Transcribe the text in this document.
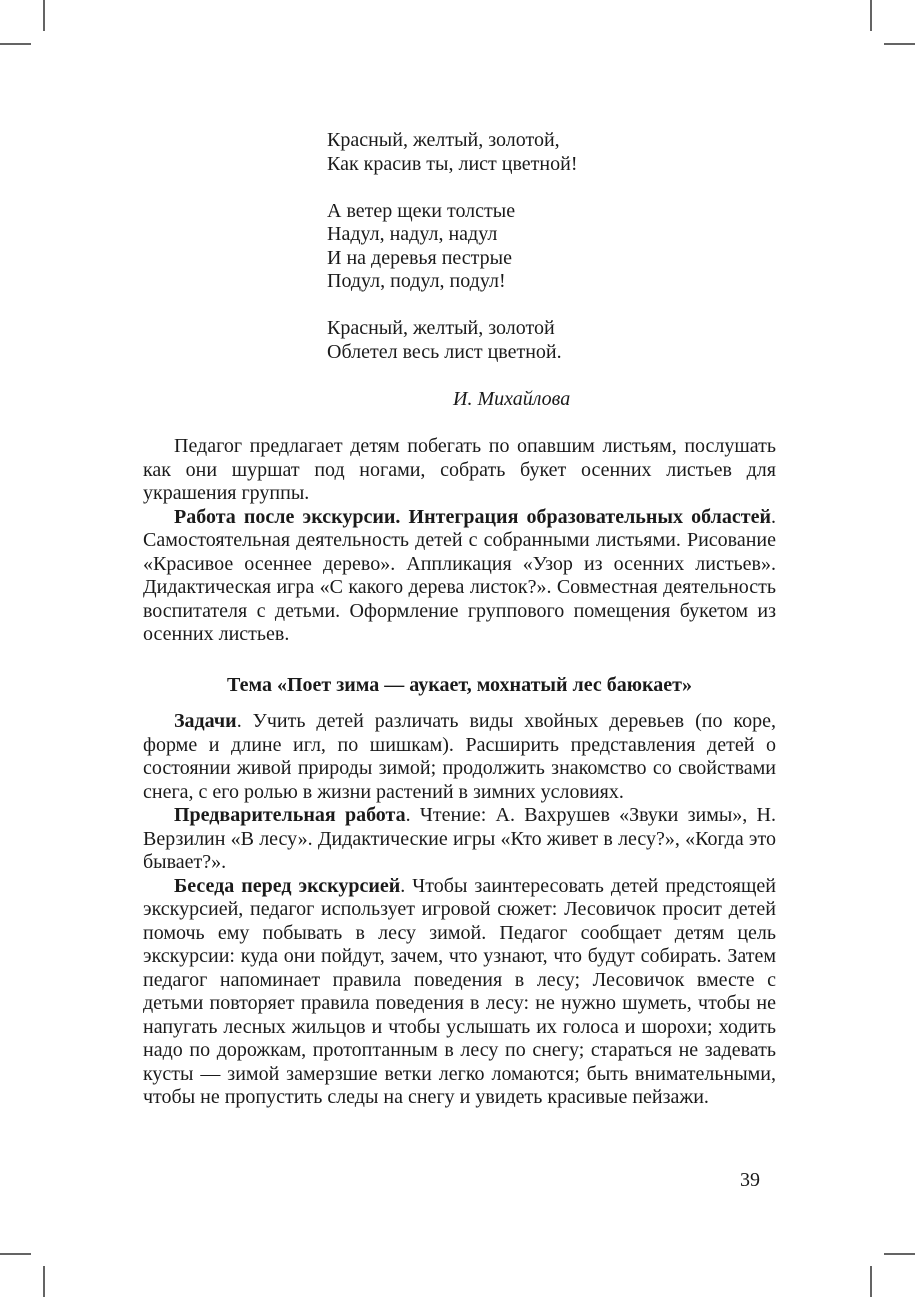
Красный, желтый, золотой,
Как красив ты, лист цветной!
А ветер щеки толстые
Надул, надул, надул
И на деревья пестрые
Подул, подул, подул!
Красный, желтый, золотой
Облетел весь лист цветной.
И. Михайлова

Педагог предлагает детям побегать по опавшим листьям, послушать как они шуршат под ногами, собрать букет осенних листьев для украшения группы.

Работа после экскурсии. Интеграция образовательных областей. Самостоятельная деятельность детей с собранными листьями. Рисование «Красивое осеннее дерево». Аппликация «Узор из осенних листьев». Дидактическая игра «С какого дерева листок?». Совместная деятельность воспитателя с детьми. Оформление группового помещения букетом из осенних листьев.

Тема «Поет зима — аукает, мохнатый лес баюкает»

Задачи. Учить детей различать виды хвойных деревьев (по коре, форме и длине игл, по шишкам). Расширить представления детей о состоянии живой природы зимой; продолжить знакомство со свойствами снега, с его ролью в жизни растений в зимних условиях.

Предварительная работа. Чтение: А. Вахрушев «Звуки зимы», Н. Верзилин «В лесу». Дидактические игры «Кто живет в лесу?», «Когда это бывает?».

Беседа перед экскурсией. Чтобы заинтересовать детей предстоящей экскурсией, педагог использует игровой сюжет: Лесовичок просит детей помочь ему побывать в лесу зимой. Педагог сообщает детям цель экскурсии: куда они пойдут, зачем, что узнают, что будут собирать. Затем педагог напоминает правила поведения в лесу; Лесовичок вместе с детьми повторяет правила поведения в лесу: не нужно шуметь, чтобы не напугать лесных жильцов и чтобы услышать их голоса и шорохи; ходить надо по дорожкам, протоптанным в лесу по снегу; стараться не задевать кусты — зимой замерзшие ветки легко ломаются; быть внимательными, чтобы не пропустить следы на снегу и увидеть красивые пейзажи.

39
